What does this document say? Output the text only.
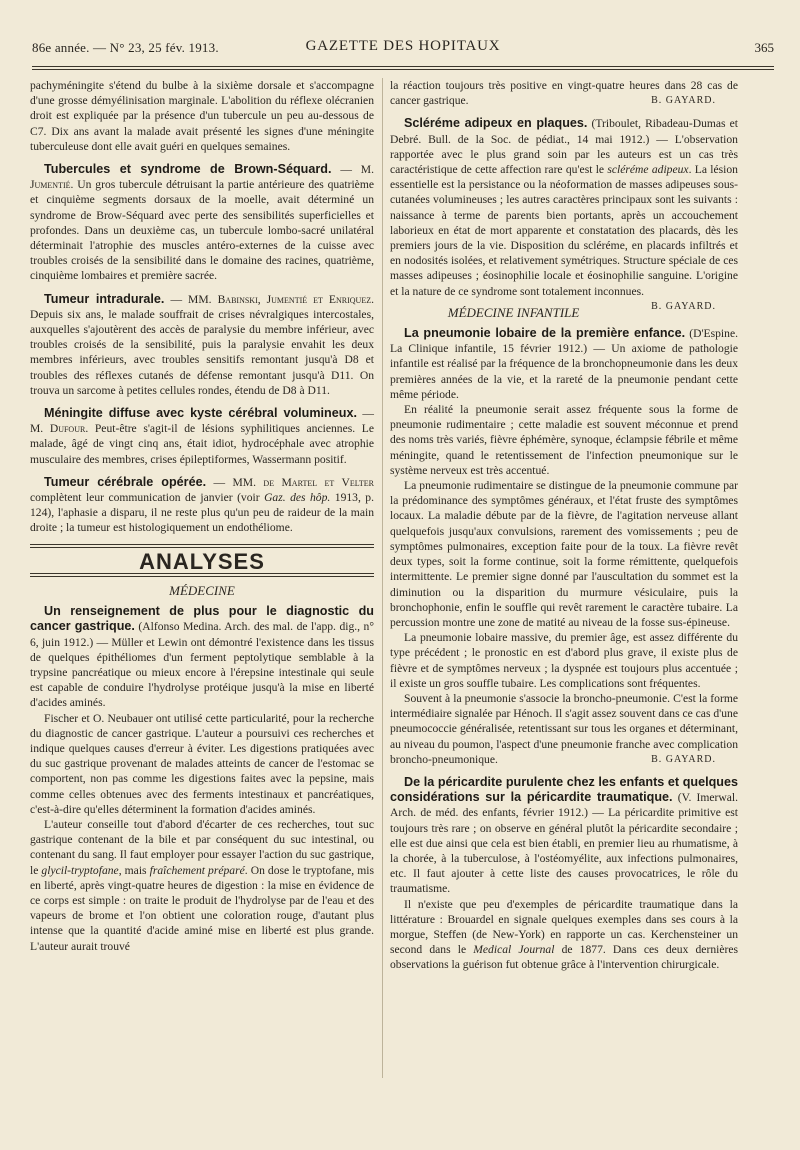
86e année. — N° 23, 25 fév. 1913.	GAZETTE DES HOPITAUX	365

pachyméningite s'étend du bulbe à la sixième dorsale et s'accompagne d'une grosse démyélinisation marginale. L'abolition du réflexe olécranien droit est expliquée par la présence d'un tubercule un peu au-dessous de C7. Dix ans avant la malade avait présenté les signes d'une méningite tuberculeuse dont elle avait guéri en quelques semaines.

Tubercules et syndrome de Brown-Séquard. — M. Jumentié. Un gros tubercule détruisant la partie antérieure des quatrième et cinquième segments dorsaux de la moelle, avait déterminé un syndrome de Brow-Séquard avec perte des sensibilités superficielles et profondes. Dans un deuxième cas, un tubercule lombo-sacré unilatéral déterminait l'atrophie des muscles antéro-externes de la cuisse avec troubles croisés de la sensibilité dans le domaine des racines, quatrième, cinquième lombaires et première sacrée.

Tumeur intradurale. — MM. Babinski, Jumentié et Enriquez. Depuis six ans, le malade souffrait de crises névralgiques intercostales, auxquelles s'ajoutèrent des accès de paralysie du membre inférieur, avec troubles croisés de la sensibilité, puis la paralysie envahit les deux membres inférieurs, avec troubles sensitifs remontant jusqu'à D8 et troubles des réflexes cutanés de défense remontant jusqu'à D11. On trouva un sarcome à petites cellules rondes, étendu de D8 à D11.

Méningite diffuse avec kyste cérébral volumineux. — M. Dufour. Peut-être s'agit-il de lésions syphilitiques anciennes. Le malade, âgé de vingt cinq ans, était idiot, hydrocéphale avec atrophie musculaire des membres, crises épileptiformes, Wassermann positif.

Tumeur cérébrale opérée. — MM. de Martel et Velter complètent leur communication de janvier (voir Gaz. des hôp. 1913, p. 124), l'aphasie a disparu, il ne reste plus qu'un peu de raideur de la main droite ; la tumeur est histologiquement un endothéliome.

ANALYSES
MÉDECINE

Un renseignement de plus pour le diagnostic du cancer gastrique. (Alfonso Medina. Arch. des mal. de l'app. dig., n° 6, juin 1912.) — Müller et Lewin ont démontré l'existence dans les tissus de quelques épithéliomes d'un ferment peptolytique semblable à la trypsine pancréatique ou mieux encore à l'érepsine intestinale qui seule est capable de conduire l'hydrolyse protéique jusqu'à la mise en liberté d'acides aminés.

Fischer et O. Neubauer ont utilisé cette particularité, pour la recherche du diagnostic de cancer gastrique. L'auteur a poursuivi ces recherches et indique quelques causes d'erreur à éviter. Les digestions pratiquées avec du suc gastrique provenant de malades atteints de cancer de l'estomac se comportent, non pas comme les digestions faites avec la pepsine, mais comme celles obtenues avec des ferments intestinaux et pancréatiques, c'est-à-dire qu'elles déterminent la formation d'acides aminés.

L'auteur conseille tout d'abord d'écarter de ces recherches, tout suc gastrique contenant de la bile et par conséquent du suc intestinal, ou contenant du sang. Il faut employer pour essayer l'action du suc gastrique, le glycil-tryptofane, mais fraîchement préparé. On dose le tryptofane, mis en liberté, après vingt-quatre heures de digestion : la mise en évidence de ce corps est simple : on traite le produit de l'hydrolyse par de l'eau et des vapeurs de brome et l'on obtient une coloration rouge, d'autant plus intense que la quantité d'acide aminé mise en liberté est plus grande. L'auteur aurait trouvé

la réaction toujours très positive en vingt-quatre heures dans 28 cas de cancer gastrique.	B. GAYARD.

Scléréme adipeux en plaques. (Triboulet, Ribadeau-Dumas et Debré. Bull. de la Soc. de pédiat., 14 mai 1912.) — L'observation rapportée avec le plus grand soin par les auteurs est un cas très caractéristique de cette affection rare qu'est le scléréme adipeux. La lésion essentielle est la persistance ou la néoformation de masses adipeuses sous-cutanées volumineuses ; les autres caractères principaux sont les suivants : naissance à terme de parents bien portants, après un accouchement laborieux en état de mort apparente et constatation des placards, dès les premiers jours de la vie. Disposition du scléréme, en placards infiltrés et en nodosités isolées, et relativement symétriques. Structure spéciale de ces masses adipeuses ; éosinophilie locale et éosinophilie sanguine. L'origine et la nature de ce syndrome sont totalement inconnues.
B. GAYARD.

MÉDECINE INFANTILE

La pneumonie lobaire de la première enfance. (D'Espine. La Clinique infantile, 15 février 1912.) — Un axiome de pathologie infantile est réalisé par la fréquence de la bronchopneumonie dans les deux premières années de la vie, et la rareté de la pneumonie pendant cette même période.

En réalité la pneumonie serait assez fréquente sous la forme de pneumonie rudimentaire ; cette maladie est souvent méconnue et prend des noms très variés, fièvre éphémère, synoque, éclampsie fébrile et même méningite, quand le retentissement de l'infection pneumonique sur le système nerveux est très accentué.

La pneumonie rudimentaire se distingue de la pneumonie commune par la prédominance des symptômes généraux, et l'état fruste des symptômes locaux. La maladie débute par de la fièvre, de l'agitation nerveuse allant quelquefois jusqu'aux convulsions, rarement des vomissements ; peu de symptômes pulmonaires, exception faite pour de la toux. La fièvre revêt deux types, soit la forme continue, soit la forme rémittente, quelquefois intermittente. Le premier signe donné par l'auscultation du sommet est la diminution ou la disparition du murmure vésiculaire, puis la bronchophonie, enfin le souffle qui revêt rarement le caractère tubaire. La percussion montre une zone de matité au niveau de la fosse sus-épineuse.

La pneumonie lobaire massive, du premier âge, est assez différente du type précédent ; le pronostic en est d'abord plus grave, il existe plus de fièvre et de symptômes nerveux ; la dyspnée est toujours plus accentuée ; il existe un gros souffle tubaire. Les complications sont fréquentes.

Souvent à la pneumonie s'associe la broncho-pneumonie. C'est la forme intermédiaire signalée par Hénoch. Il s'agit assez souvent dans ce cas d'une pneumococcie généralisée, retentissant sur tous les organes et déterminant, au niveau du poumon, l'aspect d'une pneumonie franche avec complication broncho-pneumonique.	B. GAYARD.

De la péricardite purulente chez les enfants et quelques considérations sur la péricardite traumatique. (V. Imerwal. Arch. de méd. des enfants, février 1912.) — La péricardite primitive est toujours très rare ; on observe en général plutôt la péricardite secondaire ; elle est due ainsi que cela est bien établi, en premier lieu au rhumatisme, à la chorée, à la tuberculose, à l'ostéomyélite, aux infections pulmonaires, etc. Il faut ajouter à cette liste des causes provocatrices, le rôle du traumatisme.

Il n'existe que peu d'exemples de péricardite traumatique dans la littérature : Brouardel en signale quelques exemples dans ses cours à la morgue, Steffen (de New-York) en rapporte un cas. Kerchensteiner un second dans le Medical Journal de 1877. Dans ces deux dernières observations la guérison fut obtenue grâce à l'intervention chirurgicale.
